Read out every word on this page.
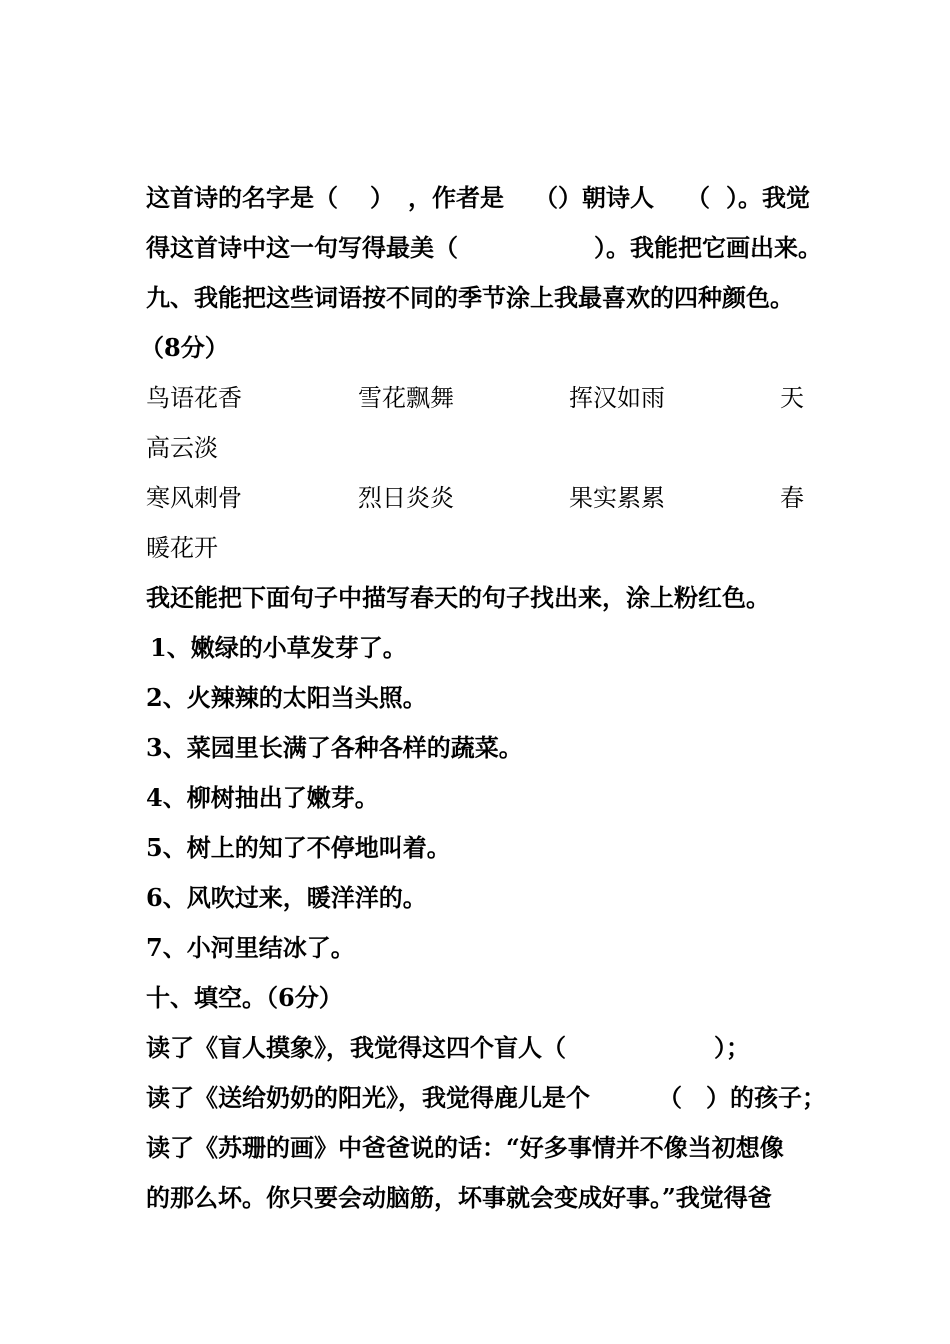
这首诗的名字是（ ） ，作者是 （ ）朝诗人 （ ）。我觉
得这首诗中这一句写得最美（	）。我能把它画出来。
九、我能把这些词语按不同的季节涂上我最喜欢的四种颜色。
（8分）
鸟语花香	雪花飘舞	挥汉如雨	天
高云淡
寒风刺骨	烈日炎炎	果实累累	春
暖花开
我还能把下面句子中描写春天的句子找出来，涂上粉红色。
1、嫩绿的小草发芽了。
2、火辣辣的太阳当头照。
3、菜园里长满了各种各样的蔬菜。
4、柳树抽出了嫩芽。
5、树上的知了不停地叫着。
6、风吹过来，暖洋洋的。
7、小河里结冰了。
十、填空。（6分）
读了《盲人摸象》，我觉得这四个盲人（	）；
读了《送给奶奶的阳光》，我觉得鹿儿是个	（ ）的孩子；
读了《苏珊的画》中爸爸说的话：“好多事情并不像当初想像
的那么坏。你只要会动脑筋，坏事就会变成好事。”我觉得爸
